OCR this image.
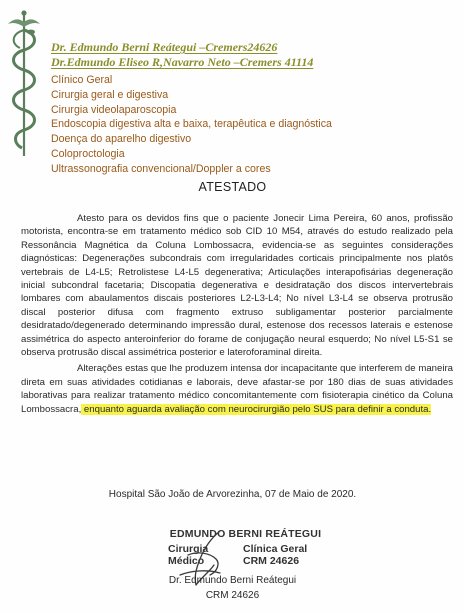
Dr. Edmundo Berni Reátegui –Cremers24626
Dr.Edmundo Eliseo R,Navarro Neto –Cremers 41114
Clínico Geral
Cirurgia geral e digestiva
Cirurgia videolaparoscopia
Endoscopia digestiva alta e baixa, terapêutica e diagnóstica
Doença do aparelho digestivo
Coloproctologia
Ultrassonografia convencional/Doppler a cores
ATESTADO

Atesto para os devidos fins que o paciente Jonecir Lima Pereira, 60 anos, profissão motorista, encontra-se em tratamento médico sob CID 10 M54, através do estudo realizado pela Ressonância Magnética da Coluna Lombossacra, evidencia-se as seguintes considerações diagnósticas: Degenerações subcondrais com irregularidades corticais principalmente nos platôs vertebrais de L4-L5; Retrolistese L4-L5 degenerativa; Articulações interapofisárias degeneração inicial subcondral facetaria; Discopatia degenerativa e desidratação dos discos intervertebrais lombares com abaulamentos discais posteriores L2-L3-L4; No nível L3-L4 se observa protrusão discal posterior difusa com fragmento extruso subligamentar posterior parcialmente desidratado/degenerado determinando impressão dural, estenose dos recessos laterais e estenose assimétrica do aspecto anteroinferior do forame de conjugação neural esquerdo; No nível L5-S1 se observa protrusão discal assimétrica posterior e lateroforaminal direita.

Alterações estas que lhe produzem intensa dor incapacitante que interferem de maneira direta em suas atividades cotidianas e laborais, deve afastar-se por 180 dias de suas atividades laborativas para realizar tratamento médico concomitantemente com fisioterapia cinético da Coluna Lombossacra, enquanto aguarda avaliação com neurocirurgião pelo SUS para definir a conduta.

Hospital São João de Arvorezinha, 07 de Maio de 2020.
EDMUNDO BERNI REÁTEGUI
Cirurgia
Médico
Clínica Geral
CRM 24626
Dr. Edmundo Berni Reátegui
CRM 24626
